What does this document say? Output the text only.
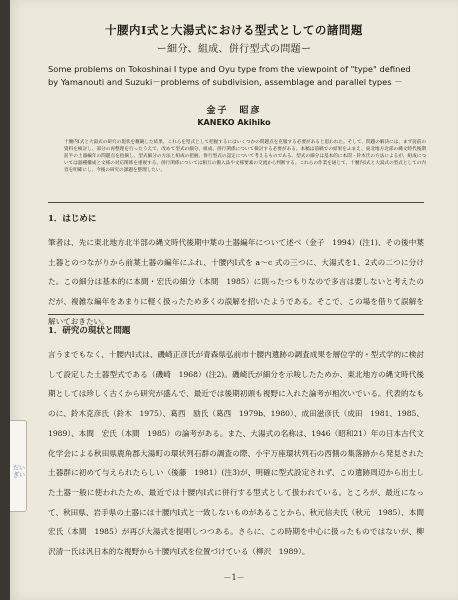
だいぎい
十腰内Ⅰ式と大湯式における型式としての諸問題
ー細分、組成、併行型式の問題ー
Some problems on Tokoshinai Ⅰ type and Oyu type from the viewpoint of "type" defined
by Yamanouti and Suzuki－problems of subdivision, assemblage and parallel types －
金子　昭彦
KANEKO Akihiko
十腰内Ⅰ式と大湯式の研究の現状を概観した結果、これらを型式として把握するにはいくつかの問題点を克服する必要があると思われた。そして、問題の解決には、まず従前の資料を検討し、部分の再整理を行ったうえで、改めて型式の細分、組成、併行関係について検討する必要がある。本稿は前稿での結果をふまえ、東北地方北部の縄文時代後期前半の土器編年の問題点を指摘し、型式細分の方法と組成の把握、併行型式の認定について考えるものである。型式の細分は基本的に本間・鈴木氏の方法によるが、組成については器種構成と文様の対応関係を重視する。併行関係については相互の搬入品や文様要素の交流から判断する。これらの作業を通じて、十腰内Ⅰ式と大湯式の型式としての内容を明確にし、今後の研究の課題を整理したい。
1．はじめに
筆者は、先に東北地方北半部の縄文時代後期中葉の土器編年について述べ（金子　1994）(注1)、その後中葉土器とのつながりから前葉土器の編年にふれ、十腰内Ⅰ式を a～c 式の三つに、大湯式を1、2式の二つに分けた。この細分は基本的に本間・宏氏の細分（本間　1985）に則ったつもりなので多言は要しないと考えたのだが、複雑な編年をあまりに軽く扱ったため多くの誤解を招いたようである。そこで、この場を借りて誤解を解いておきたい。
1．研究の現状と問題
言うまでもなく、十腰内Ⅰ式は、磯崎正彦氏が青森県弘前市十腰内遺跡の調査成果を層位学的・型式学的に検討して設定した土器型式である（磯崎　1968）(注2)。磯崎氏が細分を示唆したためか、東北地方の縄文時代後期としては珍しく古くから研究が盛んで、最近では後期初頭も視野に入れた論考が相次いでいる。代表的なものに、鈴木克彦氏（鈴木　1975）、葛西　励氏（葛西　1979b、1980）、成田滋彦氏（成田　1981、1985、1989）、本間　宏氏（本間　1985）の論考がある。また、大湯式の名称は、1946（昭和21）年の日本古代文化学会による秋田県鹿角郡大湯町の環状列石群の調査の際、小宇万座環状列石の西側の集落跡から発見された土器群に初めて与えられたらしい（後藤　1981）(注3)が、明確に型式設定されず、この遺跡周辺から出土した土器一般に使われたため、最近では十腰内Ⅰ式に併行する型式として扱われている。ところが、最近になって、秋田県、岩手県の土器には十腰内Ⅰ式と一致しないものがあることから、秋元信夫氏（秋元　1985）、本間　宏氏（本間　1985）が再び大湯式を提唱しつつある。さらに、この時期を中心に扱ったものではないが、柳沢清一氏は汎日本的な視野から十腰内Ⅰ式を位置づけている（柳沢　1989）。
－1－
